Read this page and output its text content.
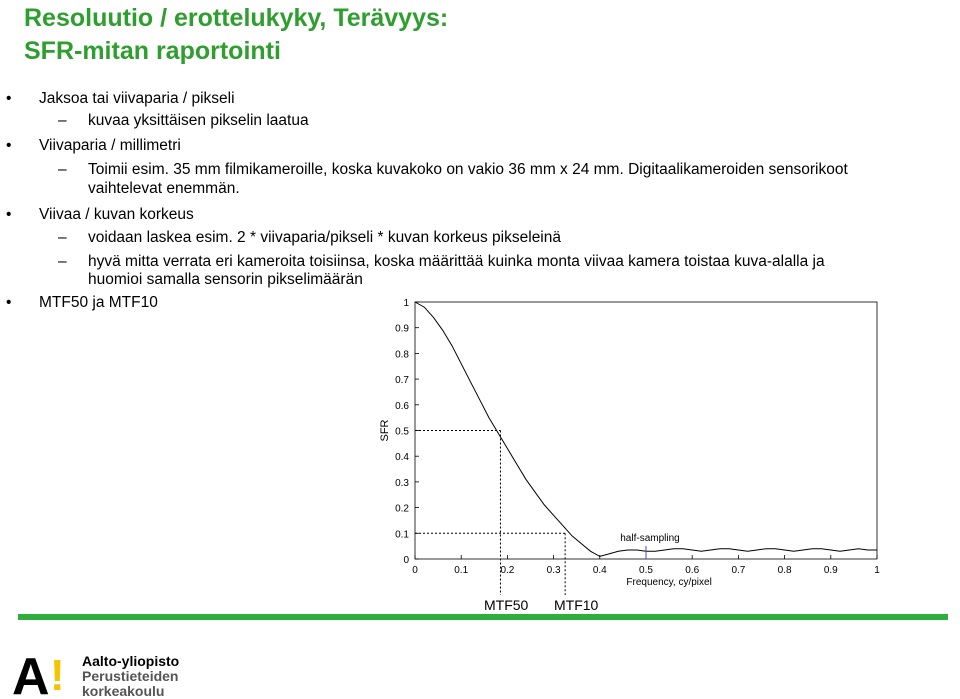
Resoluutio / erottelukyky, Terävyys:
SFR-mitan raportointi
• Jaksoa tai viivaparia / pikseli
– kuvaa yksittäisen pikselin laatua
• Viivaparia / millimetri
– Toimii esim. 35 mm filmikameroille, koska kuvakoko on vakio 36 mm x 24 mm. Digitaalikameroiden sensorikoot
vaihtelevat enemmän.
• Viivaa / kuvan korkeus
– voidaan laskea esim. 2 * viivaparia/pikseli * kuvan korkeus pikseleinä
– hyvä mitta verrata eri kameroita toisiinsa, koska määrittää kuinka monta viivaa kamera toistaa kuva-alalla ja
huomioi samalla sensorin pikselimäärän
• MTF50 ja MTF10
0	0.1	0.2	0.3	0.4	0.5	0.6	0.7	0.8	0.9	1
0
0.1
0.2
0.3
0.4
0.5
0.6
0.7
0.8
0.9
1
Frequency, cy/pixel
SFR
half-sampling
MTF50 MTF10
A ! Aalto-yliopisto
Perustieteiden
korkeakoulu
